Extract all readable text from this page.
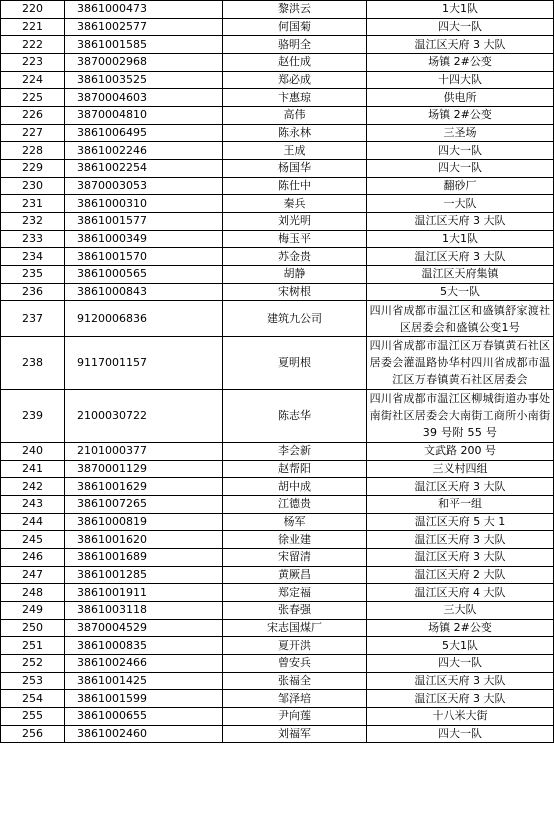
220	3861000473	黎洪云	1大1队
221	3861002577	何国菊	四大一队
222	3861001585	骆明全	温江区天府 3 大队
223	3870002968	赵仕成	场镇 2#公变
224	3861003525	郑必成	十四大队
225	3870004603	卞惠琼	供电所
226	3870004810	高伟	场镇 2#公变
227	3861006495	陈永林	三圣场
228	3861002246	王成	四大一队
229	3861002254	杨国华	四大一队
230	3870003053	陈仕中	翻砂厂
231	3861000310	秦兵	一大队
232	3861001577	刘光明	温江区天府 3 大队
233	3861000349	梅玉平	1大1队
234	3861001570	苏金贵	温江区天府 3 大队
235	3861000565	胡静	温江区天府集镇
236	3861000843	宋树根	5大一队
237	9120006836	建筑九公司	四川省成都市温江区和盛镇舒家渡社区居委会和盛镇公变1号
238	9117001157	夏明根	四川省成都市温江区万春镇黄石社区居委会灌温路协华村四川省成都市温江区万春镇黄石社区居委会
239	2100030722	陈志华	四川省成都市温江区柳城街道办事处南街社区居委会大南街工商所小南街 39 号附 55 号
240	2101000377	李会新	文武路 200 号
241	3870001129	赵帮阳	三义村四组
242	3861001629	胡中成	温江区天府 3 大队
243	3861007265	江德贵	和平一组
244	3861000819	杨军	温江区天府 5 大 1
245	3861001620	徐业建	温江区天府 3 大队
246	3861001689	宋留清	温江区天府 3 大队
247	3861001285	黄厥昌	温江区天府 2 大队
248	3861001911	郑定福	温江区天府 4 大队
249	3861003118	张春强	三大队
250	3870004529	宋志国煤厂	场镇 2#公变
251	3861000835	夏开洪	5大1队
252	3861002466	曾安兵	四大一队
253	3861001425	张福全	温江区天府 3 大队
254	3861001599	邹泽培	温江区天府 3 大队
255	3861000655	尹向莲	十八米大街
256	3861002460	刘福军	四大一队
